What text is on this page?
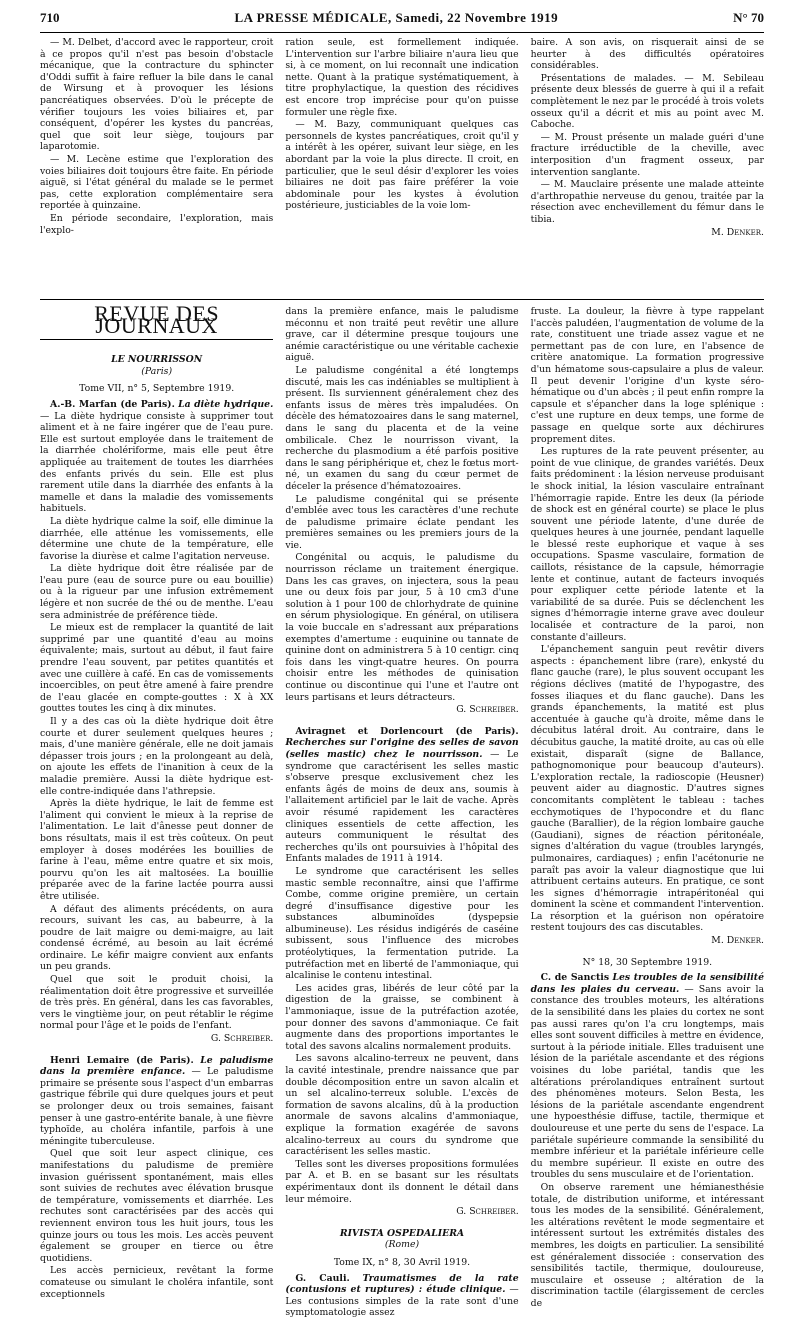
710	LA PRESSE MÉDICALE, Samedi, 22 Novembre 1919	N° 70

— M. Delbet, d'accord avec le rapporteur, croit à ce propos qu'il n'est pas besoin d'obstacle mécanique, que la contracture du sphincter d'Oddi suffit à faire refluer la bile dans le canal de Wirsung et à provoquer les lésions pancréatiques observées. D'où le précepte de vérifier toujours les voies biliaires et, par conséquent, d'opérer les kystes du pancréas, quel que soit leur siège, toujours par laparotomie.

— M. Lecène estime que l'exploration des voies biliaires doit toujours être faite. En période aiguë, si l'état général du malade se le permet pas, cette exploration complémentaire sera reportée à quinzaine.

En période secondaire, l'exploration, mais l'explo-

ration seule, est formellement indiquée. L'intervention sur l'arbre biliaire n'aura lieu que si, à ce moment, on lui reconnaît une indication nette. Quant à la pratique systématiquement, à titre prophylactique, la question des récidives est encore trop imprécise pour qu'on puisse formuler une règle fixe.

— M. Bazy, communiquant quelques cas personnels de kystes pancréatiques, croit qu'il y a intérêt à les opérer, suivant leur siège, en les abordant par la voie la plus directe. Il croit, en particulier, que le seul désir d'explorer les voies biliaires ne doit pas faire préférer la voie abdominale pour les kystes à évolution postérieure, justiciables de la voie lom-

baire. A son avis, on risquerait ainsi de se heurter à des difficultés opératoires considérables.

Présentations de malades. — M. Sebileau présente deux blessés de guerre à qui il a refait complètement le nez par le procédé à trois volets osseux qu'il a décrit et mis au point avec M. Caboche.

— M. Proust présente un malade guéri d'une fracture irréductible de la cheville, avec interposition d'un fragment osseux, par intervention sanglante.

— M. Mauclaire présente une malade atteinte d'arthropathie nerveuse du genou, traitée par la résection avec enchevillement du fémur dans le tibia.

M. Denker.
REVUE DES JOURNAUX
LE NOURRISSON
(Paris)
Tome VII, n° 5, Septembre 1919.

A.-B. Marfan (de Paris). La diète hydrique. — La diète hydrique consiste à supprimer tout aliment et à ne faire ingérer que de l'eau pure. Elle est surtout employée dans le traitement de la diarrhée cholériforme, mais elle peut être appliquée au traitement de toutes les diarrhées des enfants privés du sein. Elle est plus rarement utile dans la diarrhée des enfants à la mamelle et dans la maladie des vomissements habituels.

La diète hydrique calme la soif, elle diminue la diarrhée, elle atténue les vomissements, elle détermine une chute de la température, elle favorise la diurèse et calme l'agitation nerveuse.

La diète hydrique doit être réalisée par de l'eau pure (eau de source pure ou eau bouillie) ou à la rigueur par une infusion extrêmement légère et non sucrée de thé ou de menthe. L'eau sera administrée de préférence tiède.

Le mieux est de remplacer la quantité de lait supprimé par une quantité d'eau au moins équivalente; mais, surtout au début, il faut faire prendre l'eau souvent, par petites quantités et avec une cuillère à café. En cas de vomissements incoercibles, on peut être amené à faire prendre de l'eau glacée en compte-gouttes : X à XX gouttes toutes les cinq à dix minutes.

Il y a des cas où la diète hydrique doit être courte et durer seulement quelques heures ; mais, d'une manière générale, elle ne doit jamais dépasser trois jours ; en la prolongeant au delà, on ajoute les effets de l'inanition à ceux de la maladie première. Aussi la diète hydrique est-elle contre-indiquée dans l'athrepsie.

Après la diète hydrique, le lait de femme est l'aliment qui convient le mieux à la reprise de l'alimentation. Le lait d'ânesse peut donner de bons résultats, mais il est très coûteux. On peut employer à doses modérées les bouillies de farine à l'eau, même entre quatre et six mois, pourvu qu'on les ait maltosées. La bouillie préparée avec de la farine lactée pourra aussi être utilisée.

A défaut des aliments précédents, on aura recours, suivant les cas, au babeurre, à la poudre de lait maigre ou demi-maigre, au lait condensé écrémé, au besoin au lait écrémé ordinaire. Le kéfir maigre convient aux enfants un peu grands.

Quel que soit le produit choisi, la réalimentation doit être progressive et surveillée de très près. En général, dans les cas favorables, vers le vingtième jour, on peut rétablir le régime normal pour l'âge et le poids de l'enfant.

G. Schreiber.

Henri Lemaire (de Paris). Le paludisme dans la première enfance. — Le paludisme primaire se présente sous l'aspect d'un embarras gastrique fébrile qui dure quelques jours et peut se prolonger deux ou trois semaines, faisant penser à une gastro-entérite banale, à une fièvre typhoïde, au choléra infantile, parfois à une méningite tuberculeuse.

Quel que soit leur aspect clinique, ces manifestations du paludisme de première invasion guérissent spontanément, mais elles sont suivies de rechutes avec élévation brusque de température, vomissements et diarrhée. Les rechutes sont caractérisées par des accès qui reviennent environ tous les huit jours, tous les quinze jours ou tous les mois. Les accès peuvent également se grouper en tierce ou être quotidiens.

Les accès pernicieux, revêtant la forme comateuse ou simulant le choléra infantile, sont exceptionnels

dans la première enfance, mais le paludisme méconnu et non traité peut revêtir une allure grave, car il détermine presque toujours une anémie caractéristique ou une véritable cachexie aiguë.

Le paludisme congénital a été longtemps discuté, mais les cas indéniables se multiplient à présent. Ils surviennent généralement chez des enfants issus de mères très impaludées. On décèle des hématozoaires dans le sang maternel, dans le sang du placenta et de la veine ombilicale. Chez le nourrisson vivant, la recherche du plasmodium a été parfois positive dans le sang périphérique et, chez le fœtus mort-né, un examen du sang du cœur permet de déceler la présence d'hématozoaires.

Le paludisme congénital qui se présente d'emblée avec tous les caractères d'une rechute de paludisme primaire éclate pendant les premières semaines ou les premiers jours de la vie.

Congénital ou acquis, le paludisme du nourrisson réclame un traitement énergique. Dans les cas graves, on injectera, sous la peau une ou deux fois par jour, 5 à 10 cm3 d'une solution à 1 pour 100 de chlorhydrate de quinine en sérum physiologique. En général, on utilisera la voie buccale en s'adressant aux préparations exemptes d'amertume : euquinine ou tannate de quinine dont on administrera 5 à 10 centigr. cinq fois dans les vingt-quatre heures. On pourra choisir entre les méthodes de quinisation continue ou discontinue qui l'une et l'autre ont leurs partisans et leurs détracteurs.

G. Schreiber.

Aviragnet et Dorlencourt (de Paris). Recherches sur l'origine des selles de savon (selles mastic) chez le nourrisson. — Le syndrome que caractérisent les selles mastic s'observe presque exclusivement chez les enfants âgés de moins de deux ans, soumis à l'allaitement artificiel par le lait de vache. Après avoir résumé rapidement les caractères cliniques essentiels de cette affection, les auteurs communiquent le résultat des recherches qu'ils ont poursuivies à l'hôpital des Enfants malades de 1911 à 1914.

Le syndrome que caractérisent les selles mastic semble reconnaître, ainsi que l'affirme Combe, comme origine première, un certain degré d'insuffisance digestive pour les substances albuminoïdes (dyspepsie albumineuse). Les résidus indigérés de caséine subissent, sous l'influence des microbes protéolytiques, la fermentation putride. La putréfaction met en liberté de l'ammoniaque, qui alcalinise le contenu intestinal.

Les acides gras, libérés de leur côté par la digestion de la graisse, se combinent à l'ammoniaque, issue de la putréfaction azotée, pour donner des savons d'ammoniaque. Ce fait augmente dans des proportions importantes le total des savons alcalins normalement produits.

Les savons alcalino-terreux ne peuvent, dans la cavité intestinale, prendre naissance que par double décomposition entre un savon alcalin et un sel alcalino-terreux soluble. L'excès de formation de savons alcalins, dû à la production anormale de savons alcalins d'ammoniaque, explique la formation exagérée de savons alcalino-terreux au cours du syndrome que caractérisent les selles mastic.

Telles sont les diverses propositions formulées par A. et B. en se basant sur les résultats expérimentaux dont ils donnent le détail dans leur mémoire.

G. Schreiber.
RIVISTA OSPEDALIERA
(Rome)
Tome IX, n° 8, 30 Avril 1919.

G. Cauli. Traumatismes de la rate (contusions et ruptures) : étude clinique. — Les contusions simples de la rate sont d'une symptomatologie assez

fruste. La douleur, la fièvre à type rappelant l'accès paludéen, l'augmentation de volume de la rate, constituent une triade assez vague et ne permettant pas de con lure, en l'absence de critère anatomique. La formation progressive d'un hématome sous-capsulaire a plus de valeur. Il peut devenir l'origine d'un kyste séro-hématique ou d'un abcès ; il peut enfin rompre la capsule et s'épancher dans la loge splénique : c'est une rupture en deux temps, une forme de passage en quelque sorte aux déchirures proprement dites.

Les ruptures de la rate peuvent présenter, au point de vue clinique, de grandes variétés. Deux faits prédominent : la lésion nerveuse produisant le shock initial, la lésion vasculaire entraînant l'hémorragie rapide. Entre les deux (la période de shock est en général courte) se place le plus souvent une période latente, d'une durée de quelques heures à une journée, pendant laquelle le blessé reste euphorique et vaque à ses occupations. Spasme vasculaire, formation de caillots, résistance de la capsule, hémorragie lente et continue, autant de facteurs invoqués pour expliquer cette période latente et la variabilité de sa durée. Puis se déclenchent les signes d'hémorragie interne grave avec douleur localisée et contracture de la paroi, non constante d'ailleurs.

L'épanchement sanguin peut revêtir divers aspects : épanchement libre (rare), enkysté du flanc gauche (rare), le plus souvent occupant les régions déclives (matité de l'hypogastre, des fosses iliaques et du flanc gauche). Dans les grands épanchements, la matité est plus accentuée à gauche qu'à droite, même dans le décubitus latéral droit. Au contraire, dans le décubitus gauche, la matité droite, au cas où elle existait, disparaît (signe de Ballance, pathognomonique pour beaucoup d'auteurs). L'exploration rectale, la radioscopie (Heusner) peuvent aider au diagnostic. D'autres signes concomitants complètent le tableau : taches ecchymotiques de l'hypocondre et du flanc gauche (Barallier), de la région lombaire gauche (Gaudiani), signes de réaction péritonéale, signes d'altération du vague (troubles laryngés, pulmonaires, cardiaques) ; enfin l'acétonurie ne paraît pas avoir la valeur diagnostique que lui attribuent certains auteurs. En pratique, ce sont les signes d'hémorragie intrapéritonéal qui dominent la scène et commandent l'intervention. La résorption et la guérison non opératoire restent toujours des cas discutables.

M. Denker.
N° 18, 30 Septembre 1919.

C. de Sanctis Les troubles de la sensibilité dans les plaies du cerveau. — Sans avoir la constance des troubles moteurs, les altérations de la sensibilité dans les plaies du cortex ne sont pas aussi rares qu'on l'a cru longtemps, mais elles sont souvent difficiles à mettre en évidence, surtout à la période initiale. Elles traduisent une lésion de la pariétale ascendante et des régions voisines du lobe pariétal, tandis que les altérations prérolandiques entraînent surtout des phénomènes moteurs. Selon Besta, les lésions de la pariétale ascendante engendrent une hypoesthésie diffuse, tactile, thermique et douloureuse et une perte du sens de l'espace. La pariétale supérieure commande la sensibilité du membre inférieur et la pariétale inférieure celle du membre supérieur. Il existe en outre des troubles du sens musculaire et de l'orientation.

On observe rarement une hémianesthésie totale, de distribution uniforme, et intéressant tous les modes de la sensibilité. Généralement, les altérations revêtent le mode segmentaire et intéressent surtout les extrémités distales des membres, les doigts en particulier. La sensibilité est généralement dissociée : conservation des sensibilités tactile, thermique, douloureuse, musculaire et osseuse ; altération de la discrimination tactile (élargissement de cercles de
